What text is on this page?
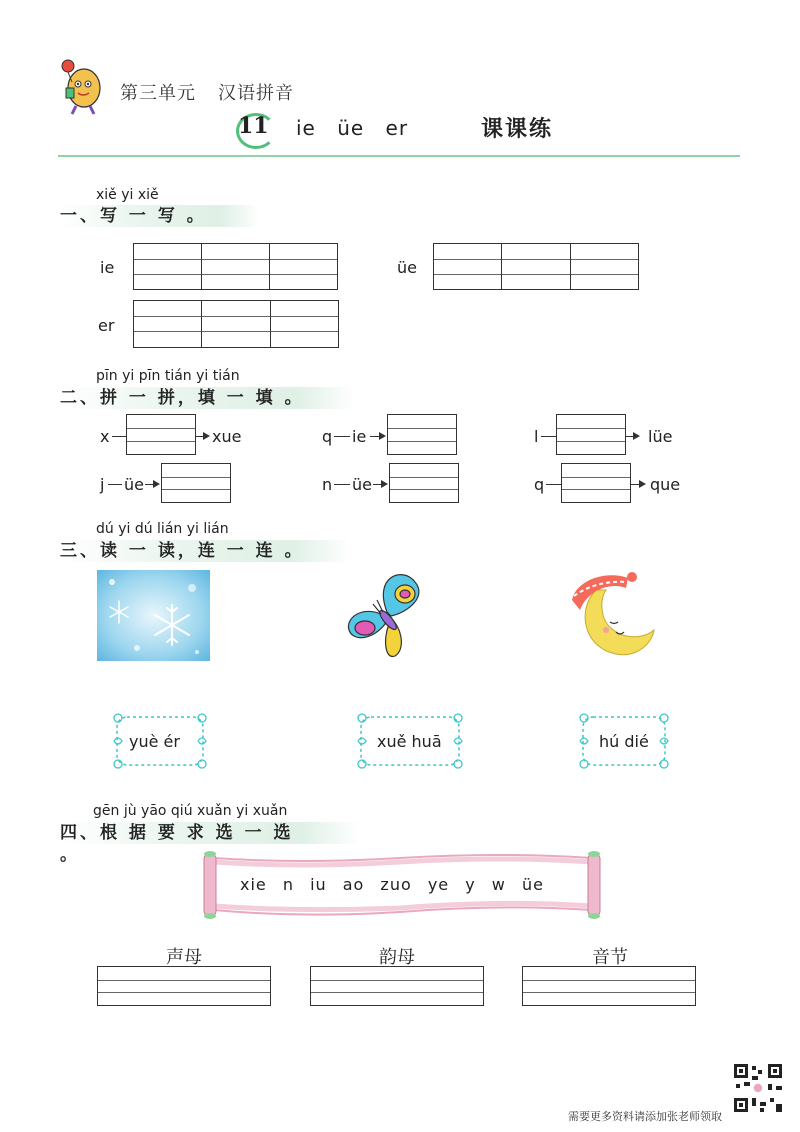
第三单元 汉语拼音
11 ie üe er	课课练
xiě yi xiě
一、写 一 写 。
ie	üe
er
pīn yi pīn tián yi tián
二、拼 一 拼，填 一 填 。
x	xue	q ie	l	lüe
j üe	n üe	q	que
dú yi dú lián yi lián
三、读 一 读，连 一 连 。
yuè ér	xuě huā	hú dié
gēn jù yāo qiú xuǎn yi xuǎn
四、根 据 要 求 选 一 选 。
xie n iu ao zuo ye y w üe
声母	韵母	音节
需要更多资料请添加张老师领取
